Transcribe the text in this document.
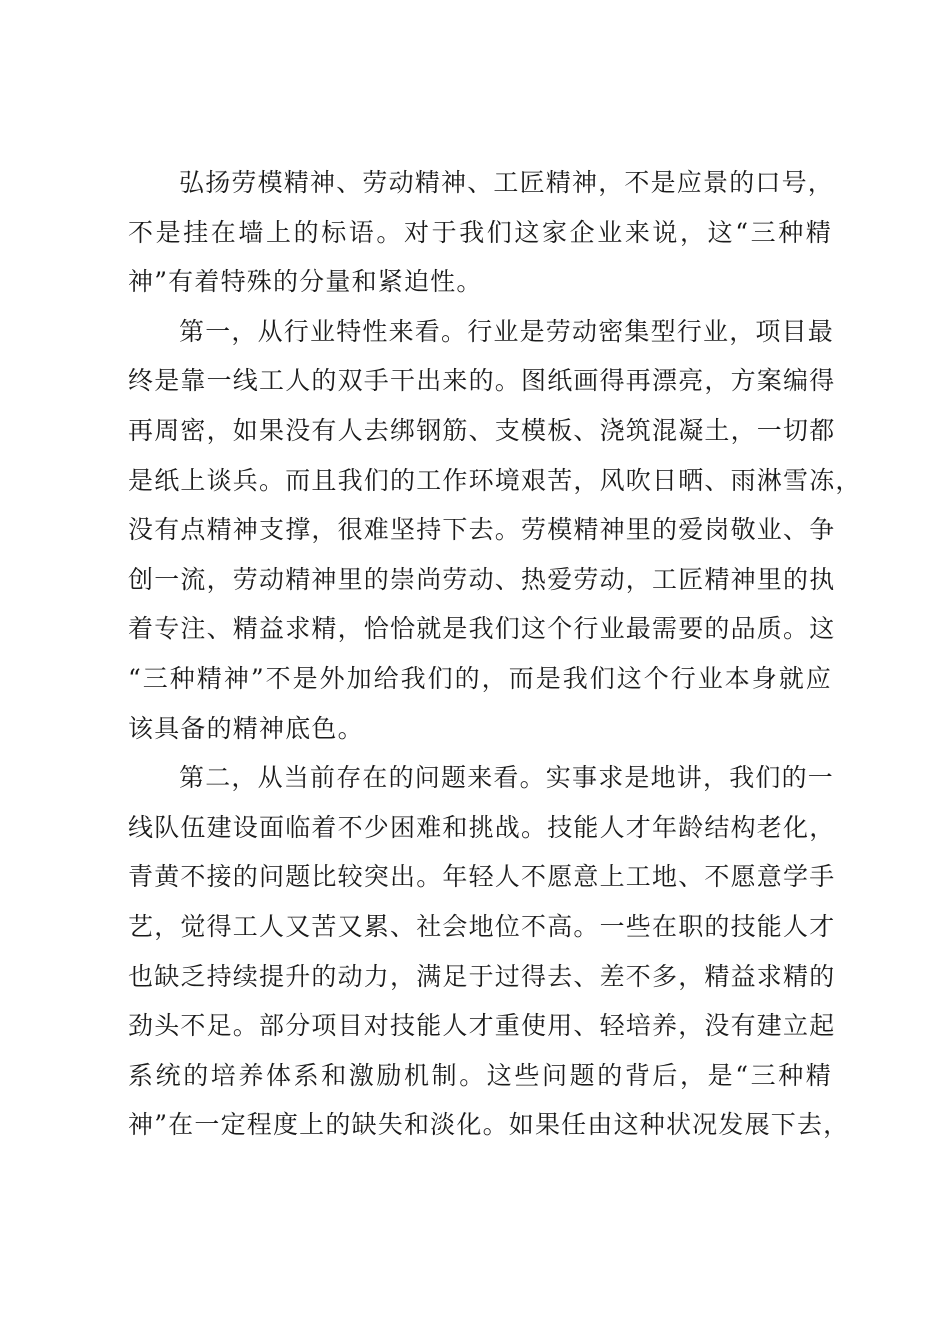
弘扬劳模精神、劳动精神、工匠精神，不是应景的口号，
不是挂在墙上的标语。对于我们这家企业来说，这“三种精
神”有着特殊的分量和紧迫性。
第一，从行业特性来看。行业是劳动密集型行业，项目最
终是靠一线工人的双手干出来的。图纸画得再漂亮，方案编得
再周密，如果没有人去绑钢筋、支模板、浇筑混凝土，一切都
是纸上谈兵。而且我们的工作环境艰苦，风吹日晒、雨淋雪冻，
没有点精神支撑，很难坚持下去。劳模精神里的爱岗敬业、争
创一流，劳动精神里的崇尚劳动、热爱劳动，工匠精神里的执
着专注、精益求精，恰恰就是我们这个行业最需要的品质。这
“三种精神”不是外加给我们的，而是我们这个行业本身就应
该具备的精神底色。
第二，从当前存在的问题来看。实事求是地讲，我们的一
线队伍建设面临着不少困难和挑战。技能人才年龄结构老化，
青黄不接的问题比较突出。年轻人不愿意上工地、不愿意学手
艺，觉得工人又苦又累、社会地位不高。一些在职的技能人才
也缺乏持续提升的动力，满足于过得去、差不多，精益求精的
劲头不足。部分项目对技能人才重使用、轻培养，没有建立起
系统的培养体系和激励机制。这些问题的背后，是“三种精
神”在一定程度上的缺失和淡化。如果任由这种状况发展下去，
